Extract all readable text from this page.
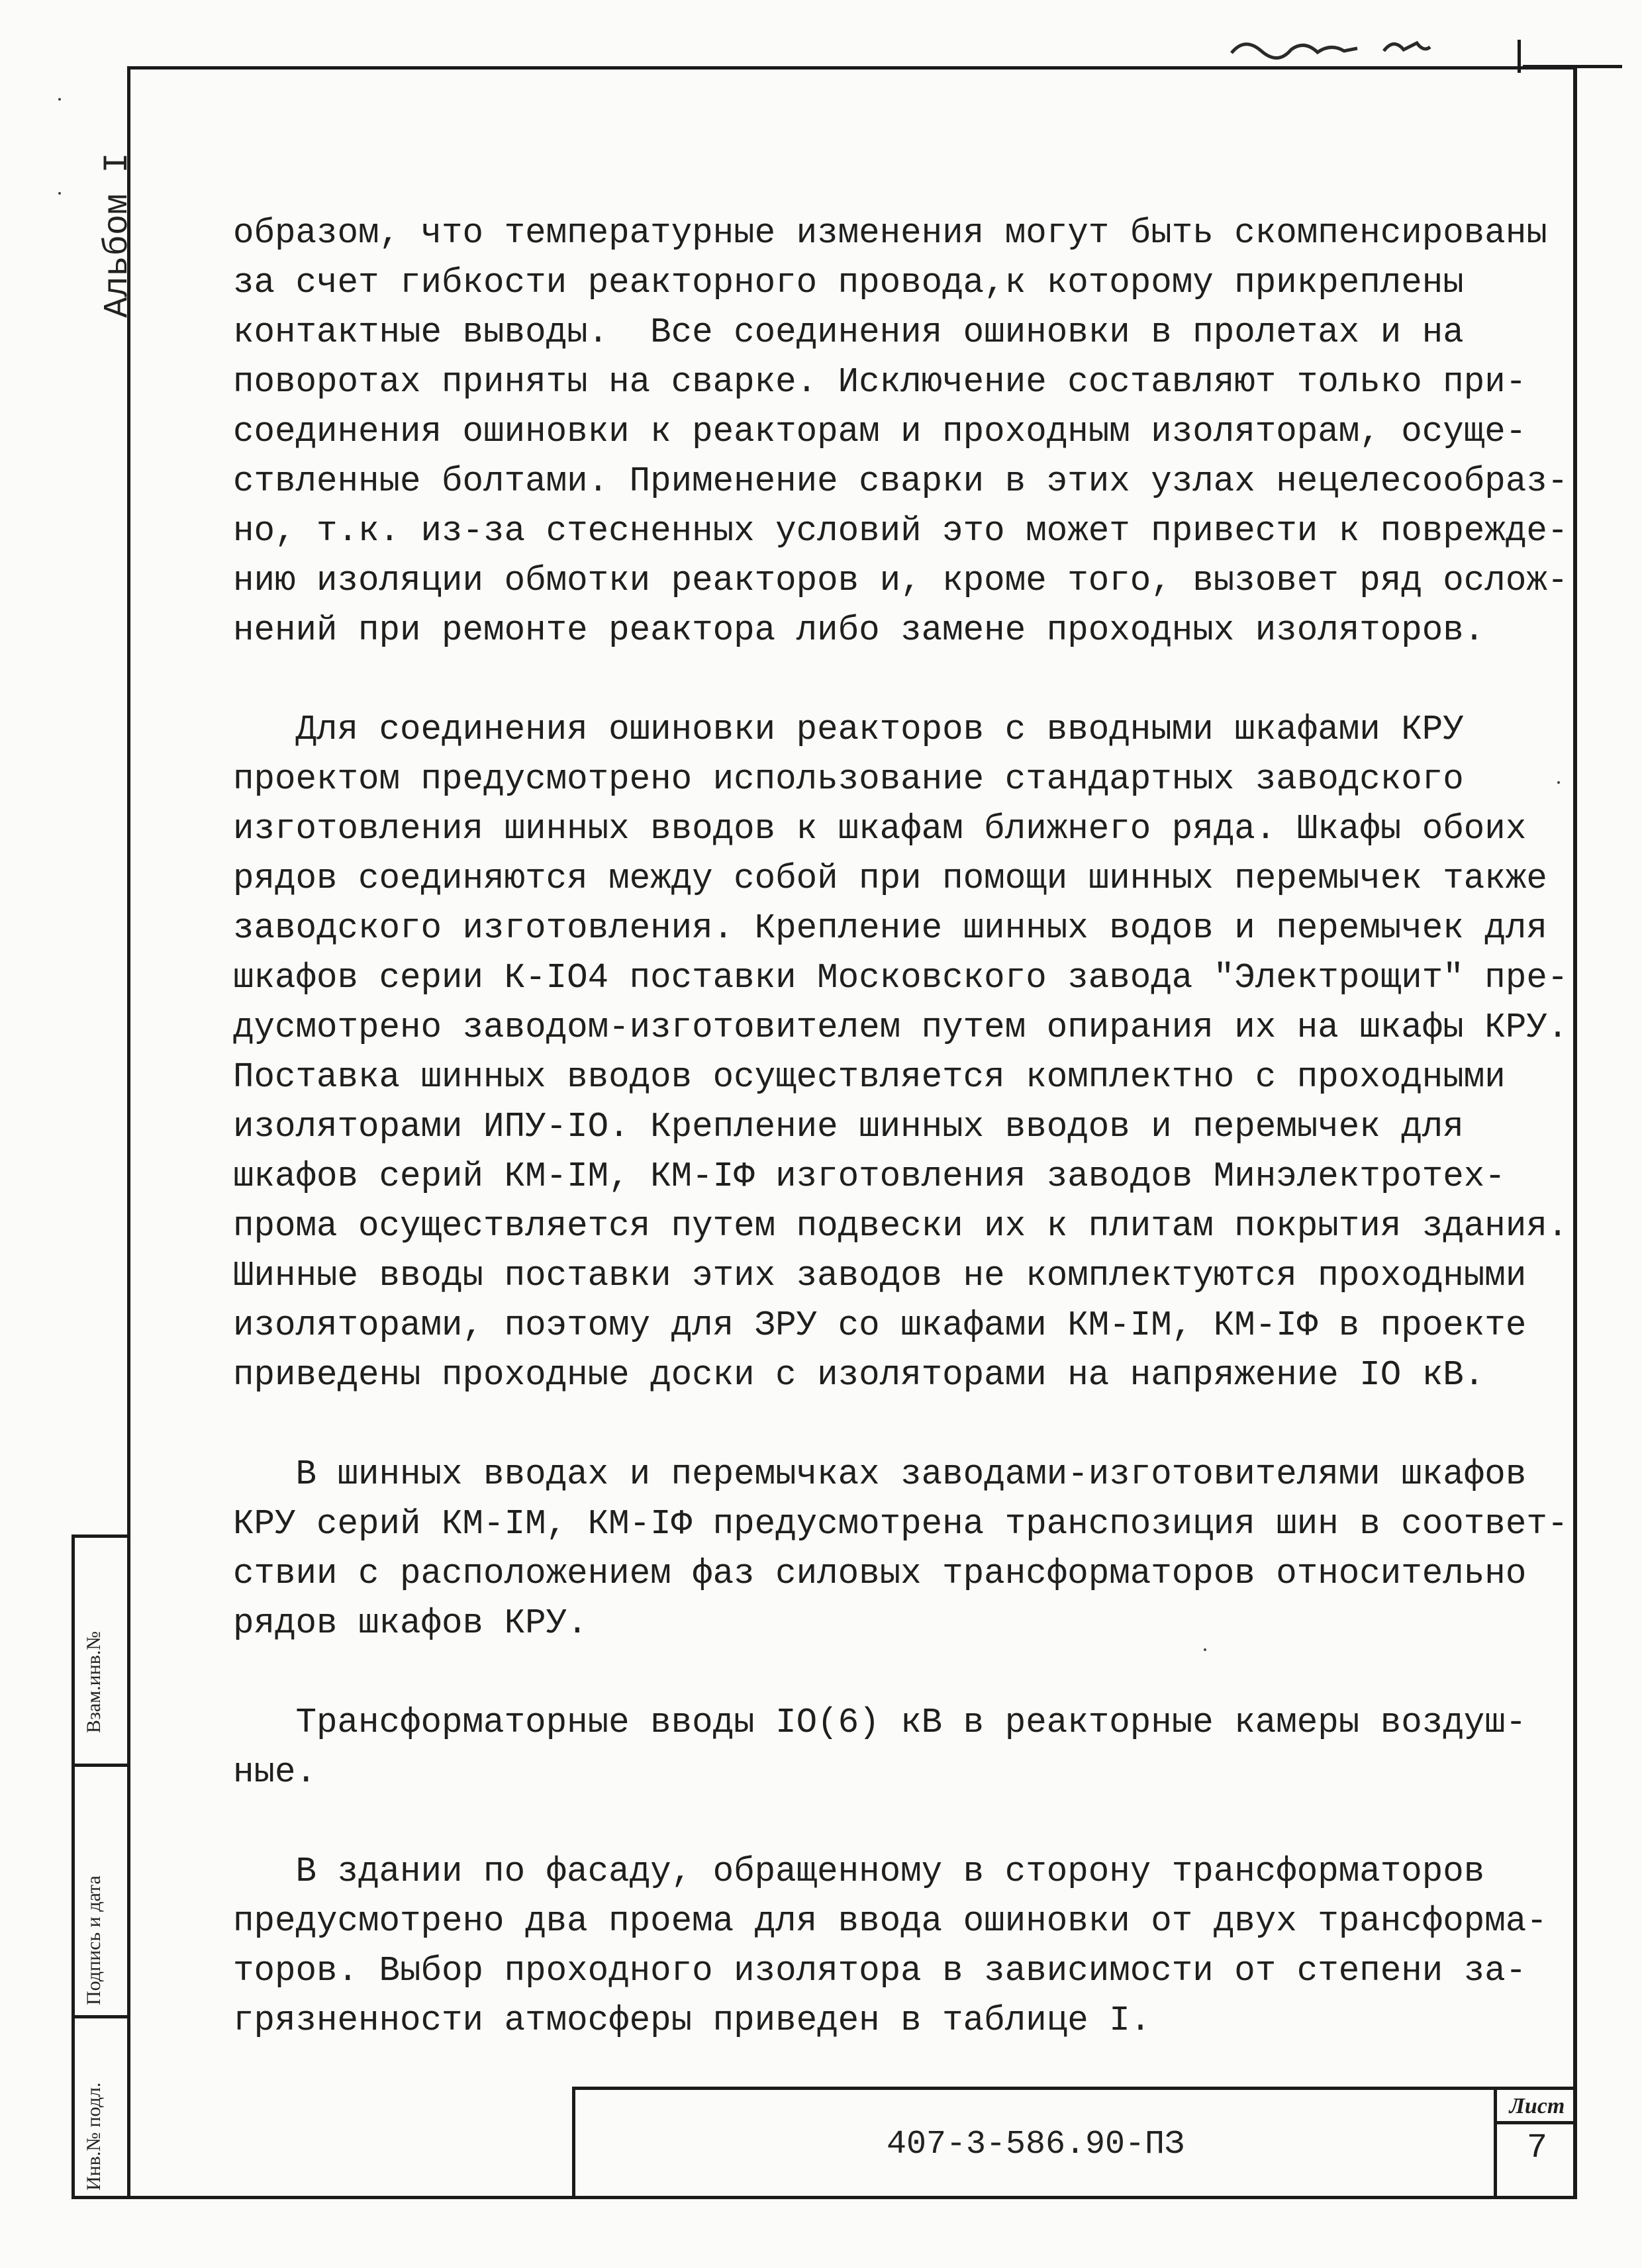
Альбом I
Взам.инв.№
Подпись и дата
Инв.№ подл.
образом, что температурные изменения могут быть скомпенсированы
за счет гибкости реакторного провода,к которому прикреплены
контактные выводы.  Все соединения ошиновки в пролетах и на
поворотах приняты на сварке. Исключение составляют только при-
соединения ошиновки к реакторам и проходным изоляторам, осуще-
ствленные болтами. Применение сварки в этих узлах нецелесообраз-
но, т.к. из-за стесненных условий это может привести к поврежде-
нию изоляции обмотки реакторов и, кроме того, вызовет ряд ослож-
нений при ремонте реактора либо замене проходных изоляторов.
Для соединения ошиновки реакторов с вводными шкафами КРУ
проектом предусмотрено использование стандартных заводского
изготовления шинных вводов к шкафам ближнего ряда. Шкафы обоих
рядов соединяются между собой при помощи шинных перемычек также
заводского изготовления. Крепление шинных водов и перемычек для
шкафов серии К-IO4 поставки Московского завода "Электрощит" пре-
дусмотрено заводом-изготовителем путем опирания их на шкафы КРУ.
Поставка шинных вводов осуществляется комплектно с проходными
изоляторами ИПУ-IO. Крепление шинных вводов и перемычек для
шкафов серий КМ-IМ, КМ-IФ изготовления заводов Минэлектротех-
прома осуществляется путем подвески их к плитам покрытия здания.
Шинные вводы поставки этих заводов не комплектуются проходными
изоляторами, поэтому для ЗРУ со шкафами КМ-IМ, КМ-IФ в проекте
приведены проходные доски с изоляторами на напряжение IO кВ.
В шинных вводах и перемычках заводами-изготовителями шкафов
КРУ серий КМ-IМ, КМ-IФ предусмотрена транспозиция шин в соответ-
ствии с расположением фаз силовых трансформаторов относительно
рядов шкафов КРУ.
Трансформаторные вводы IO(6) кВ в реакторные камеры воздуш-
ные.
В здании по фасаду, обращенному в сторону трансформаторов
предусмотрено два проема для ввода ошиновки от двух трансформа-
торов. Выбор проходного изолятора в зависимости от степени за-
грязненности атмосферы приведен в таблице I.
407-3-586.90-ПЗ
Лист
7
